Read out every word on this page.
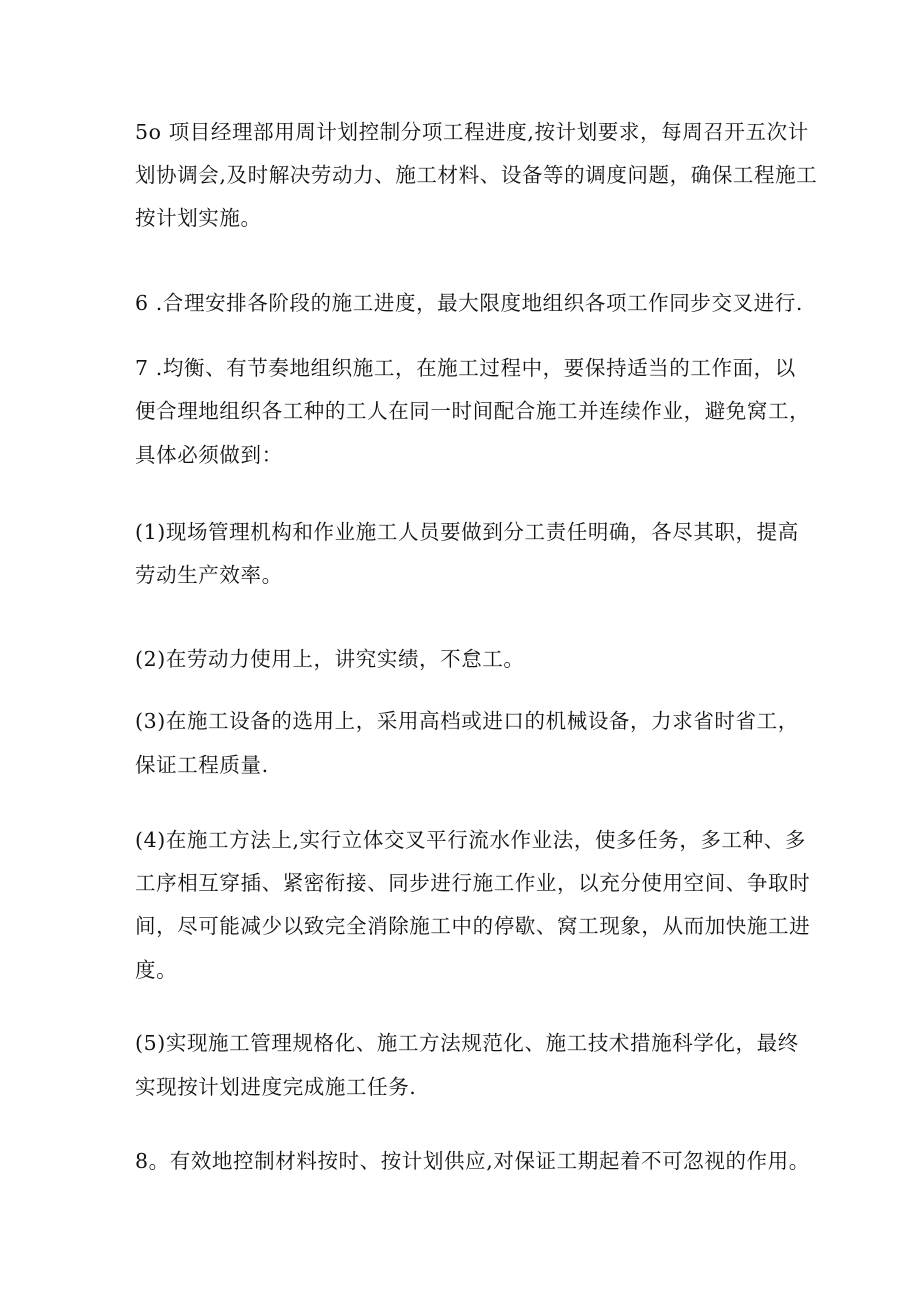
5o 项目经理部用周计划控制分项工程进度,按计划要求，每周召开五次计
划协调会,及时解决劳动力、施工材料、设备等的调度问题，确保工程施工
按计划实施。
6 .合理安排各阶段的施工进度，最大限度地组织各项工作同步交叉进行.
7 .均衡、有节奏地组织施工，在施工过程中，要保持适当的工作面，以
便合理地组织各工种的工人在同一时间配合施工并连续作业，避免窝工，
具体必须做到：
(1)现场管理机构和作业施工人员要做到分工责任明确，各尽其职，提高
劳动生产效率。
(2)在劳动力使用上，讲究实绩，不怠工。
(3)在施工设备的选用上，采用高档或进口的机械设备，力求省时省工，
保证工程质量.
(4)在施工方法上,实行立体交叉平行流水作业法，使多任务，多工种、多
工序相互穿插、紧密衔接、同步进行施工作业，以充分使用空间、争取时
间，尽可能减少以致完全消除施工中的停歇、窝工现象，从而加快施工进
度。
(5)实现施工管理规格化、施工方法规范化、施工技术措施科学化，最终
实现按计划进度完成施工任务.
8。有效地控制材料按时、按计划供应,对保证工期起着不可忽视的作用。
